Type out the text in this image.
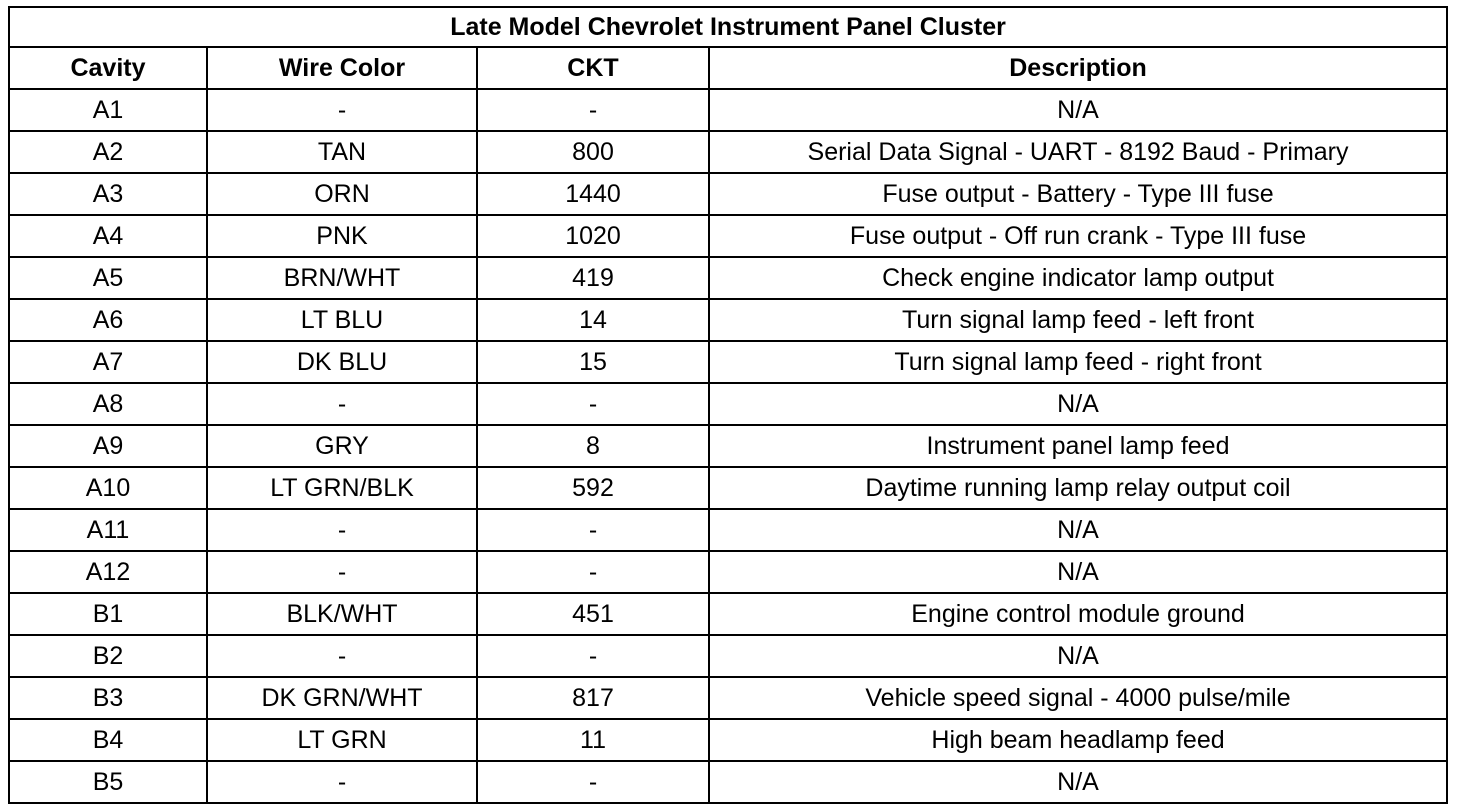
Late Model Chevrolet Instrument Panel Cluster			
Cavity	Wire Color	CKT	Description
A1	-	-	N/A
A2	TAN	800	Serial Data Signal - UART - 8192 Baud - Primary
A3	ORN	1440	Fuse output - Battery - Type III fuse
A4	PNK	1020	Fuse output - Off run crank - Type III fuse
A5	BRN/WHT	419	Check engine indicator lamp output
A6	LT BLU	14	Turn signal lamp feed - left front
A7	DK BLU	15	Turn signal lamp feed - right front
A8	-	-	N/A
A9	GRY	8	Instrument panel lamp feed
A10	LT GRN/BLK	592	Daytime running lamp relay output coil
A11	-	-	N/A
A12	-	-	N/A
B1	BLK/WHT	451	Engine control module ground
B2	-	-	N/A
B3	DK GRN/WHT	817	Vehicle speed signal - 4000 pulse/mile
B4	LT GRN	11	High beam headlamp feed
B5	-	-	N/A
